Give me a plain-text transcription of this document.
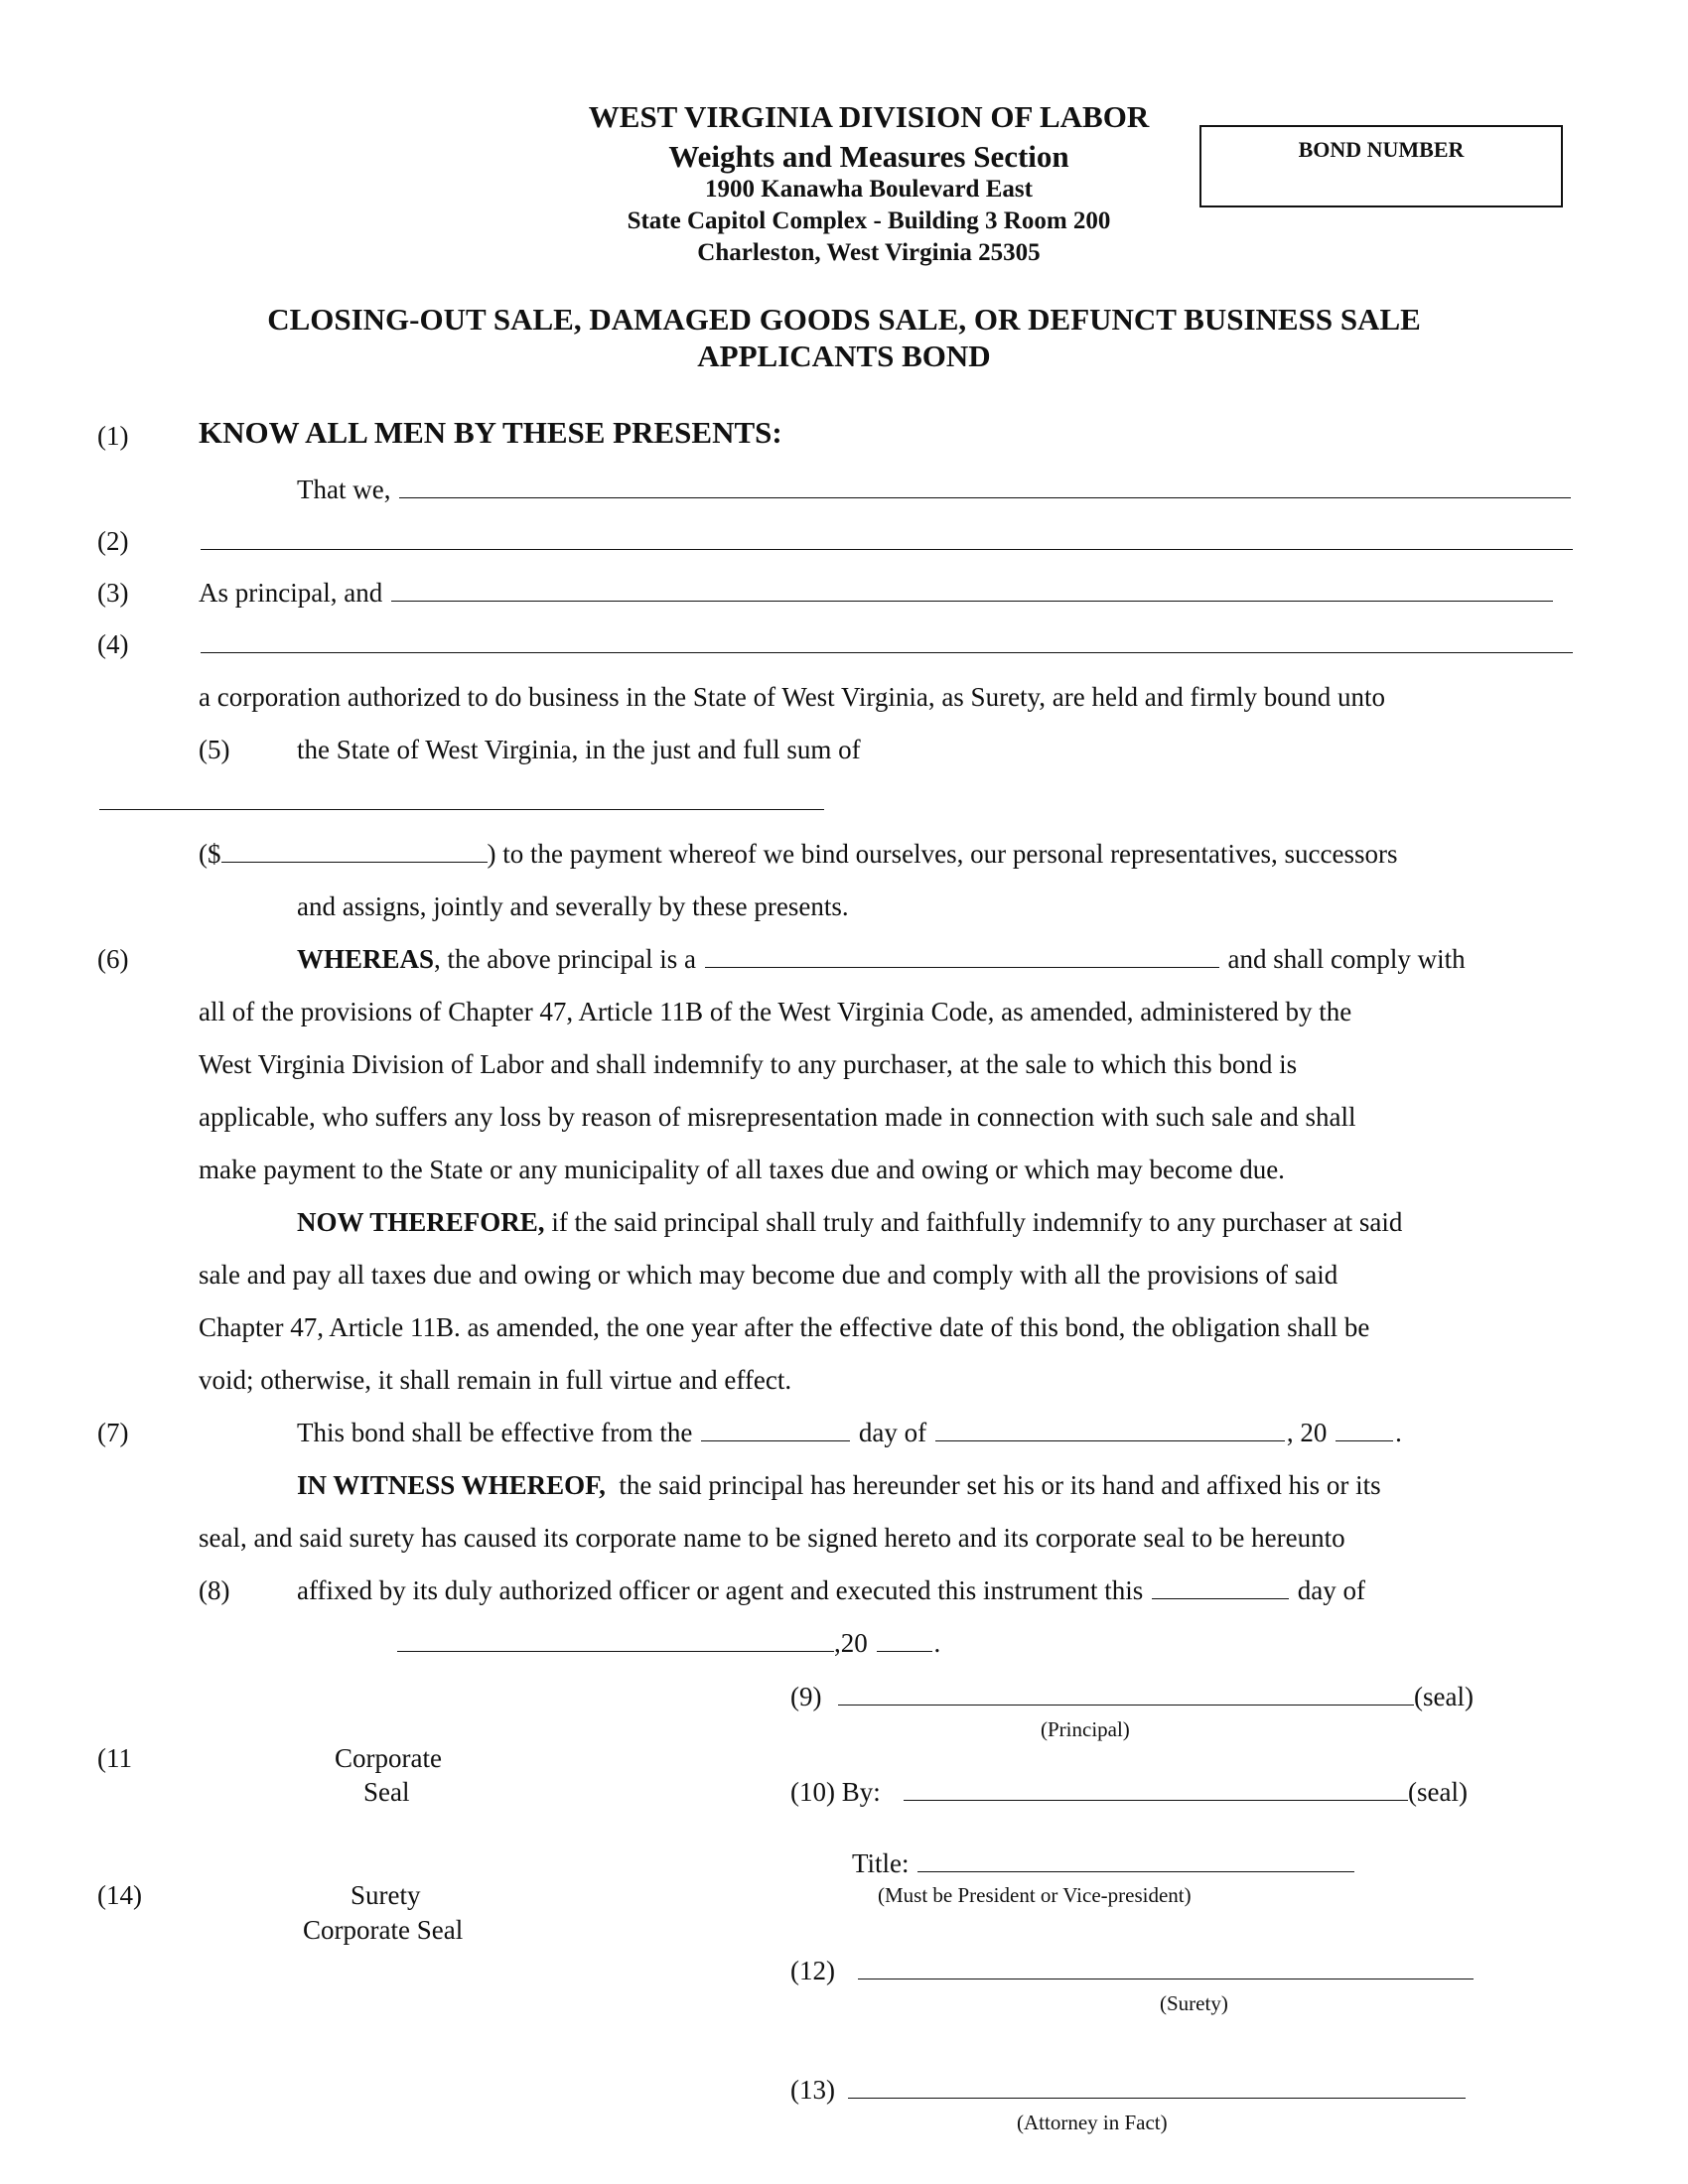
WEST VIRGINIA DIVISION OF LABOR
Weights and Measures Section
1900 Kanawha Boulevard East
State Capitol Complex - Building 3 Room 200
Charleston, West Virginia 25305
BOND NUMBER
CLOSING-OUT SALE, DAMAGED GOODS SALE, OR DEFUNCT BUSINESS SALE
APPLICANTS BOND
(1) KNOW ALL MEN BY THESE PRESENTS:
That we,
(2)
(3)	As principal, and
(4)
a corporation authorized to do business in the State of West Virginia, as Surety, are held and firmly bound unto
(5)	the State of West Virginia, in the just and full sum of
($	) to the payment whereof we bind ourselves, our personal representatives, successors
and assigns, jointly and severally by these presents.
(6)	WHEREAS, the above principal is a	and shall comply with
all of the provisions of Chapter 47, Article 11B of the West Virginia Code, as amended, administered by the
West Virginia Division of Labor and shall indemnify to any purchaser, at the sale to which this bond is
applicable, who suffers any loss by reason of misrepresentation made in connection with such sale and shall
make payment to the State or any municipality of all taxes due and owing or which may become due.
NOW THEREFORE, if the said principal shall truly and faithfully indemnify to any purchaser at said
sale and pay all taxes due and owing or which may become due and comply with all the provisions of said
Chapter 47, Article 11B. as amended, the one year after the effective date of this bond, the obligation shall be
void; otherwise, it shall remain in full virtue and effect.
(7)	This bond shall be effective from the	day of	, 20	.
IN WITNESS WHEREOF,  the said principal has hereunder set his or its hand and affixed his or its
seal, and said surety has caused its corporate name to be signed hereto and its corporate seal to be hereunto
(8)	affixed by its duly authorized officer or agent and executed this instrument this	day of
,20 .
(9)	(seal)
(Principal)
(11	Corporate
Seal	(10) By:	(seal)
Title:
(Must be President or Vice-president)
(14)	Surety
Corporate Seal
(12)
(Surety)
(13)
(Attorney in Fact)
